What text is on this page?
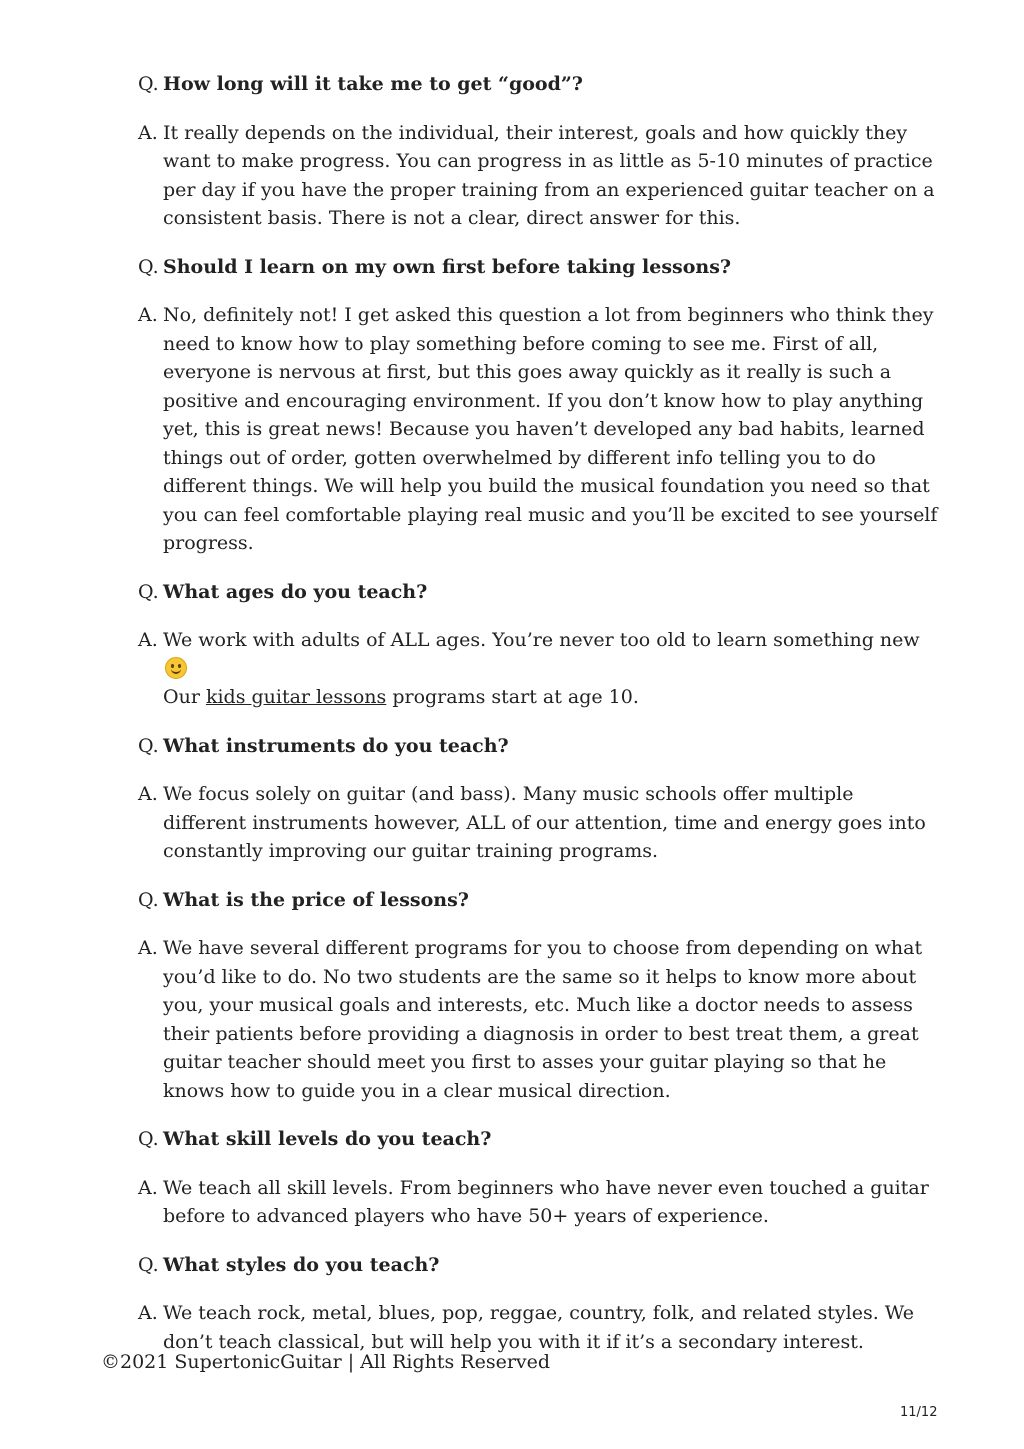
Q. How long will it take me to get “good”?
A. It really depends on the individual, their interest, goals and how quickly they want to make progress. You can progress in as little as 5-10 minutes of practice per day if you have the proper training from an experienced guitar teacher on a consistent basis. There is not a clear, direct answer for this.
Q. Should I learn on my own first before taking lessons?
A. No, definitely not! I get asked this question a lot from beginners who think they need to know how to play something before coming to see me. First of all, everyone is nervous at first, but this goes away quickly as it really is such a positive and encouraging environment. If you don’t know how to play anything yet, this is great news! Because you haven’t developed any bad habits, learned things out of order, gotten overwhelmed by different info telling you to do different things. We will help you build the musical foundation you need so that you can feel comfortable playing real music and you’ll be excited to see yourself progress.
Q. What ages do you teach?
A. We work with adults of ALL ages. You’re never too old to learn something new
Our kids guitar lessons programs start at age 10.
Q. What instruments do you teach?
A. We focus solely on guitar (and bass). Many music schools offer multiple different instruments however, ALL of our attention, time and energy goes into constantly improving our guitar training programs.
Q. What is the price of lessons?
A. We have several different programs for you to choose from depending on what you’d like to do. No two students are the same so it helps to know more about you, your musical goals and interests, etc. Much like a doctor needs to assess their patients before providing a diagnosis in order to best treat them, a great guitar teacher should meet you first to asses your guitar playing so that he knows how to guide you in a clear musical direction.
Q. What skill levels do you teach?
A. We teach all skill levels. From beginners who have never even touched a guitar before to advanced players who have 50+ years of experience.
Q. What styles do you teach?
A. We teach rock, metal, blues, pop, reggae, country, folk, and related styles. We don’t teach classical, but will help you with it if it’s a secondary interest.
©2021 SupertonicGuitar | All Rights Reserved
11/12
